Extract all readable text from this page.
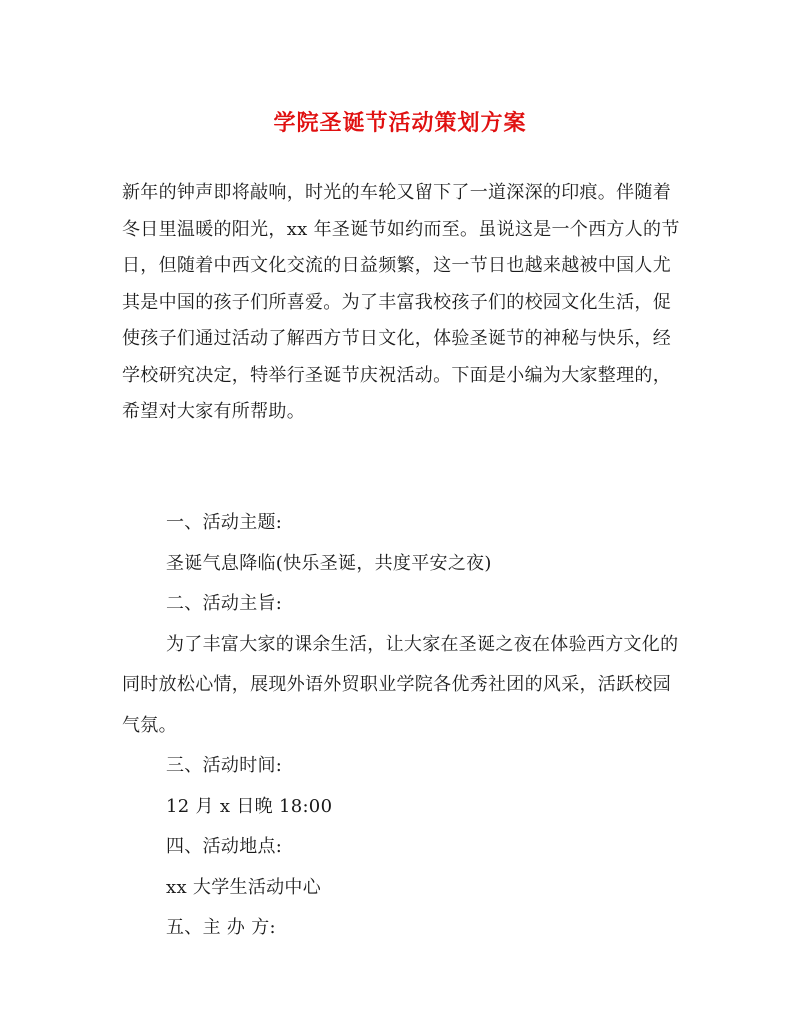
学院圣诞节活动策划方案
新年的钟声即将敲响，时光的车轮又留下了一道深深的印痕。伴随着
冬日里温暖的阳光，xx 年圣诞节如约而至。虽说这是一个西方人的节
日，但随着中西文化交流的日益频繁，这一节日也越来越被中国人尤
其是中国的孩子们所喜爱。为了丰富我校孩子们的校园文化生活，促
使孩子们通过活动了解西方节日文化，体验圣诞节的神秘与快乐，经
学校研究决定，特举行圣诞节庆祝活动。下面是小编为大家整理的，
希望对大家有所帮助。
一、活动主题:
圣诞气息降临(快乐圣诞，共度平安之夜)
二、活动主旨:
为了丰富大家的课余生活，让大家在圣诞之夜在体验西方文化的
同时放松心情，展现外语外贸职业学院各优秀社团的风采，活跃校园
气氛。
三、活动时间:
12 月 x 日晚 18:00
四、活动地点:
xx 大学生活动中心
五、主 办 方:
